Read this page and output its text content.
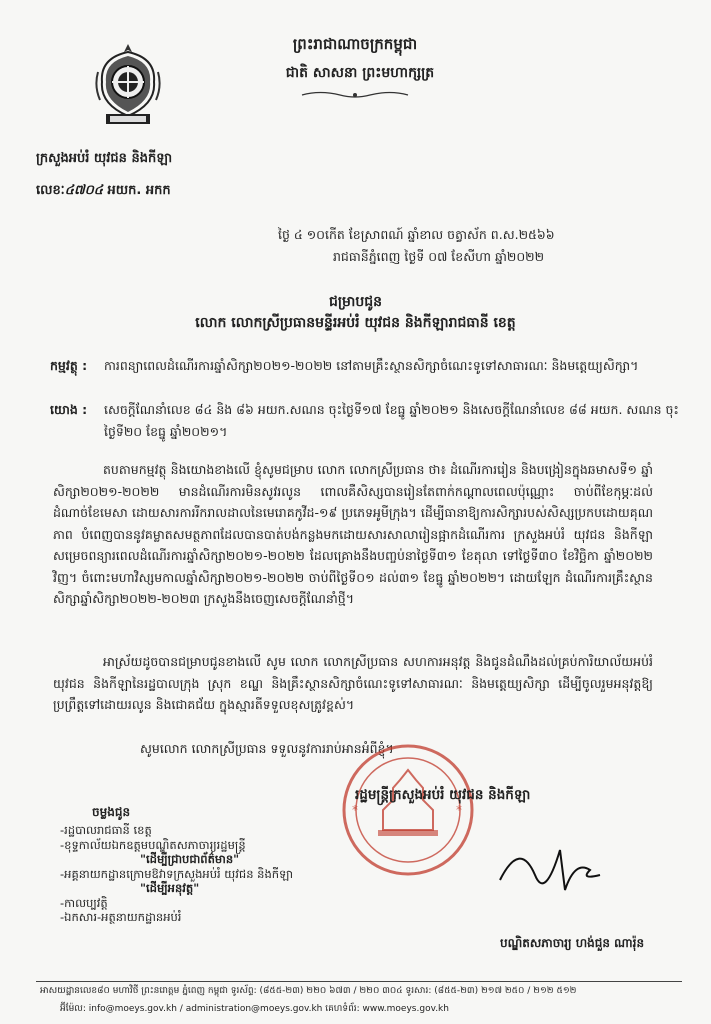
ព្រះរាជាណាចក្រកម្ពុជា
ជាតិ សាសនា ព្រះមហាក្សត្រ
ក្រសួងអប់រំ យុវជន និងកីឡា
លេខៈ៤៧០៤ អយក. អកក
ថ្ងៃ ៤ ១០កើត ខែស្រាពណ៍ ឆ្នាំខាល ចត្វាស័ក ព.ស.២៥៦៦
រាជធានីភ្នំពេញ ថ្ងៃទី ០៧ ខែសីហា ឆ្នាំ២០២២
ជម្រាបជូន
លោក លោកស្រីប្រធានមន្ទីរអប់រំ យុវជន និងកីឡារាជធានី ខេត្ត
កម្មវត្ថុ : ការពន្យាពេលដំណើរការឆ្នាំសិក្សា២០២១-២០២២ នៅតាមគ្រឹះស្ថានសិក្សាចំណេះទូទៅសាធារណៈ និងមត្តេយ្យសិក្សា។
យោង : សេចក្តីណែនាំលេខ ៨៤ និង ៨៦ អយក.សណន ចុះថ្ងៃទី១៧ ខែធ្នូ ឆ្នាំ២០២១ និងសេចក្តីណែនាំលេខ ៨៨ អយក. សណន ចុះថ្ងៃទី២០ ខែធ្នូ ឆ្នាំ២០២១។
តបតាមកម្មវត្ថុ និងយោងខាងលើ ខ្ញុំសូមជម្រាប លោក លោកស្រីប្រធាន ថា៖ ដំណើរការរៀន និងបង្រៀនក្នុងឆមាសទី១ ឆ្នាំសិក្សា២០២១-២០២២ មានដំណើរការមិនសូវរលូន ពោលគឺសិស្សបានរៀនតែពាក់កណ្តាលពេលប៉ុណ្ណោះ ចាប់ពីខែកុម្ភៈដល់ដំណាច់ខែមេសា ដោយសារការរីករាលដាលនៃមេរោគកូវីដ-១៩ ប្រភេទអូមីក្រុង។ ដើម្បីធានាឱ្យការសិក្សារបស់សិស្សប្រកបដោយគុណភាព បំពេញបាននូវគម្លាតសមត្ថភាពដែលបានបាត់បង់កន្លងមកដោយសារសាលារៀនផ្អាកដំណើរការ ក្រសួងអប់រំ យុវជន និងកីឡា សម្រេចពន្យារពេលដំណើរការឆ្នាំសិក្សា២០២១-២០២២ ដែលគ្រោងនឹងបញ្ចប់នាថ្ងៃទី៣១ ខែតុលា ទៅថ្ងៃទី៣០ ខែវិច្ឆិកា ឆ្នាំ២០២២ វិញ។ ចំពោះមហាវិស្សមកាលឆ្នាំសិក្សា២០២១-២០២២ ចាប់ពីថ្ងៃទី០១ ដល់៣១ ខែធ្នូ ឆ្នាំ២០២២។ ដោយឡែក ដំណើរការគ្រឹះស្ថានសិក្សាឆ្នាំសិក្សា២០២២-២០២៣ ក្រសួងនឹងចេញសេចក្តីណែនាំថ្មី។
អាស្រ័យដូចបានជម្រាបជូនខាងលើ សូម លោក លោកស្រីប្រធាន សហការអនុវត្ត និងជូនដំណឹងដល់គ្រប់ការិយាល័យអប់រំ យុវជន និងកីឡានៃរដ្ឋបាលក្រុង ស្រុក ខណ្ឌ និងគ្រឹះស្ថានសិក្សាចំណេះទូទៅសាធារណៈ និងមត្តេយ្យសិក្សា ដើម្បីចូលរួមអនុវត្តឱ្យប្រព្រឹត្តទៅដោយរលូន និងជោគជ័យ ក្នុងស្មារតីទទួលខុសត្រូវខ្ពស់។
សូមលោក លោកស្រីប្រធាន ទទួលនូវការរាប់អានអំពីខ្ញុំ។
*	*
រដ្ឋមន្ត្រីក្រសួងអប់រំ យុវជន និងកីឡា
បណ្ឌិតសភាចារ្យ ហង់ជួន ណារ៉ុន
ចម្លងជូន
-រដ្ឋបាលរាជធានី ខេត្ត
-ខុទ្ទកាល័យឯកឧត្តមបណ្ឌិតសភាចារ្យរដ្ឋមន្ត្រី
"ដើម្បីជ្រាបជាព័ត៌មាន"
-អគ្គនាយកដ្ឋានក្រោមឱវាទក្រសួងអប់រំ យុវជន និងកីឡា
"ដើម្បីអនុវត្ត"
-កាលប្បវត្តិ
-ឯកសារ-អត្ថនាយកដ្ឋានអប់រំ
អាសយដ្ឋានលេខ៨០ មហាវិថី ព្រះនរោត្តម ភ្នំពេញ កម្ពុជា ទូរស័ព្ទ: (៨៥៥-២៣) ២២០ ៦៧៣ / ២២០ ៣០៤ ទូរសារ: (៨៥៥-២៣) ២១៧ ២៥០ / ២១២ ៥១២
អ៊ីម៉ែល: info@moeys.gov.kh / administration@moeys.gov.kh គេហទំព័រ: www.moeys.gov.kh
